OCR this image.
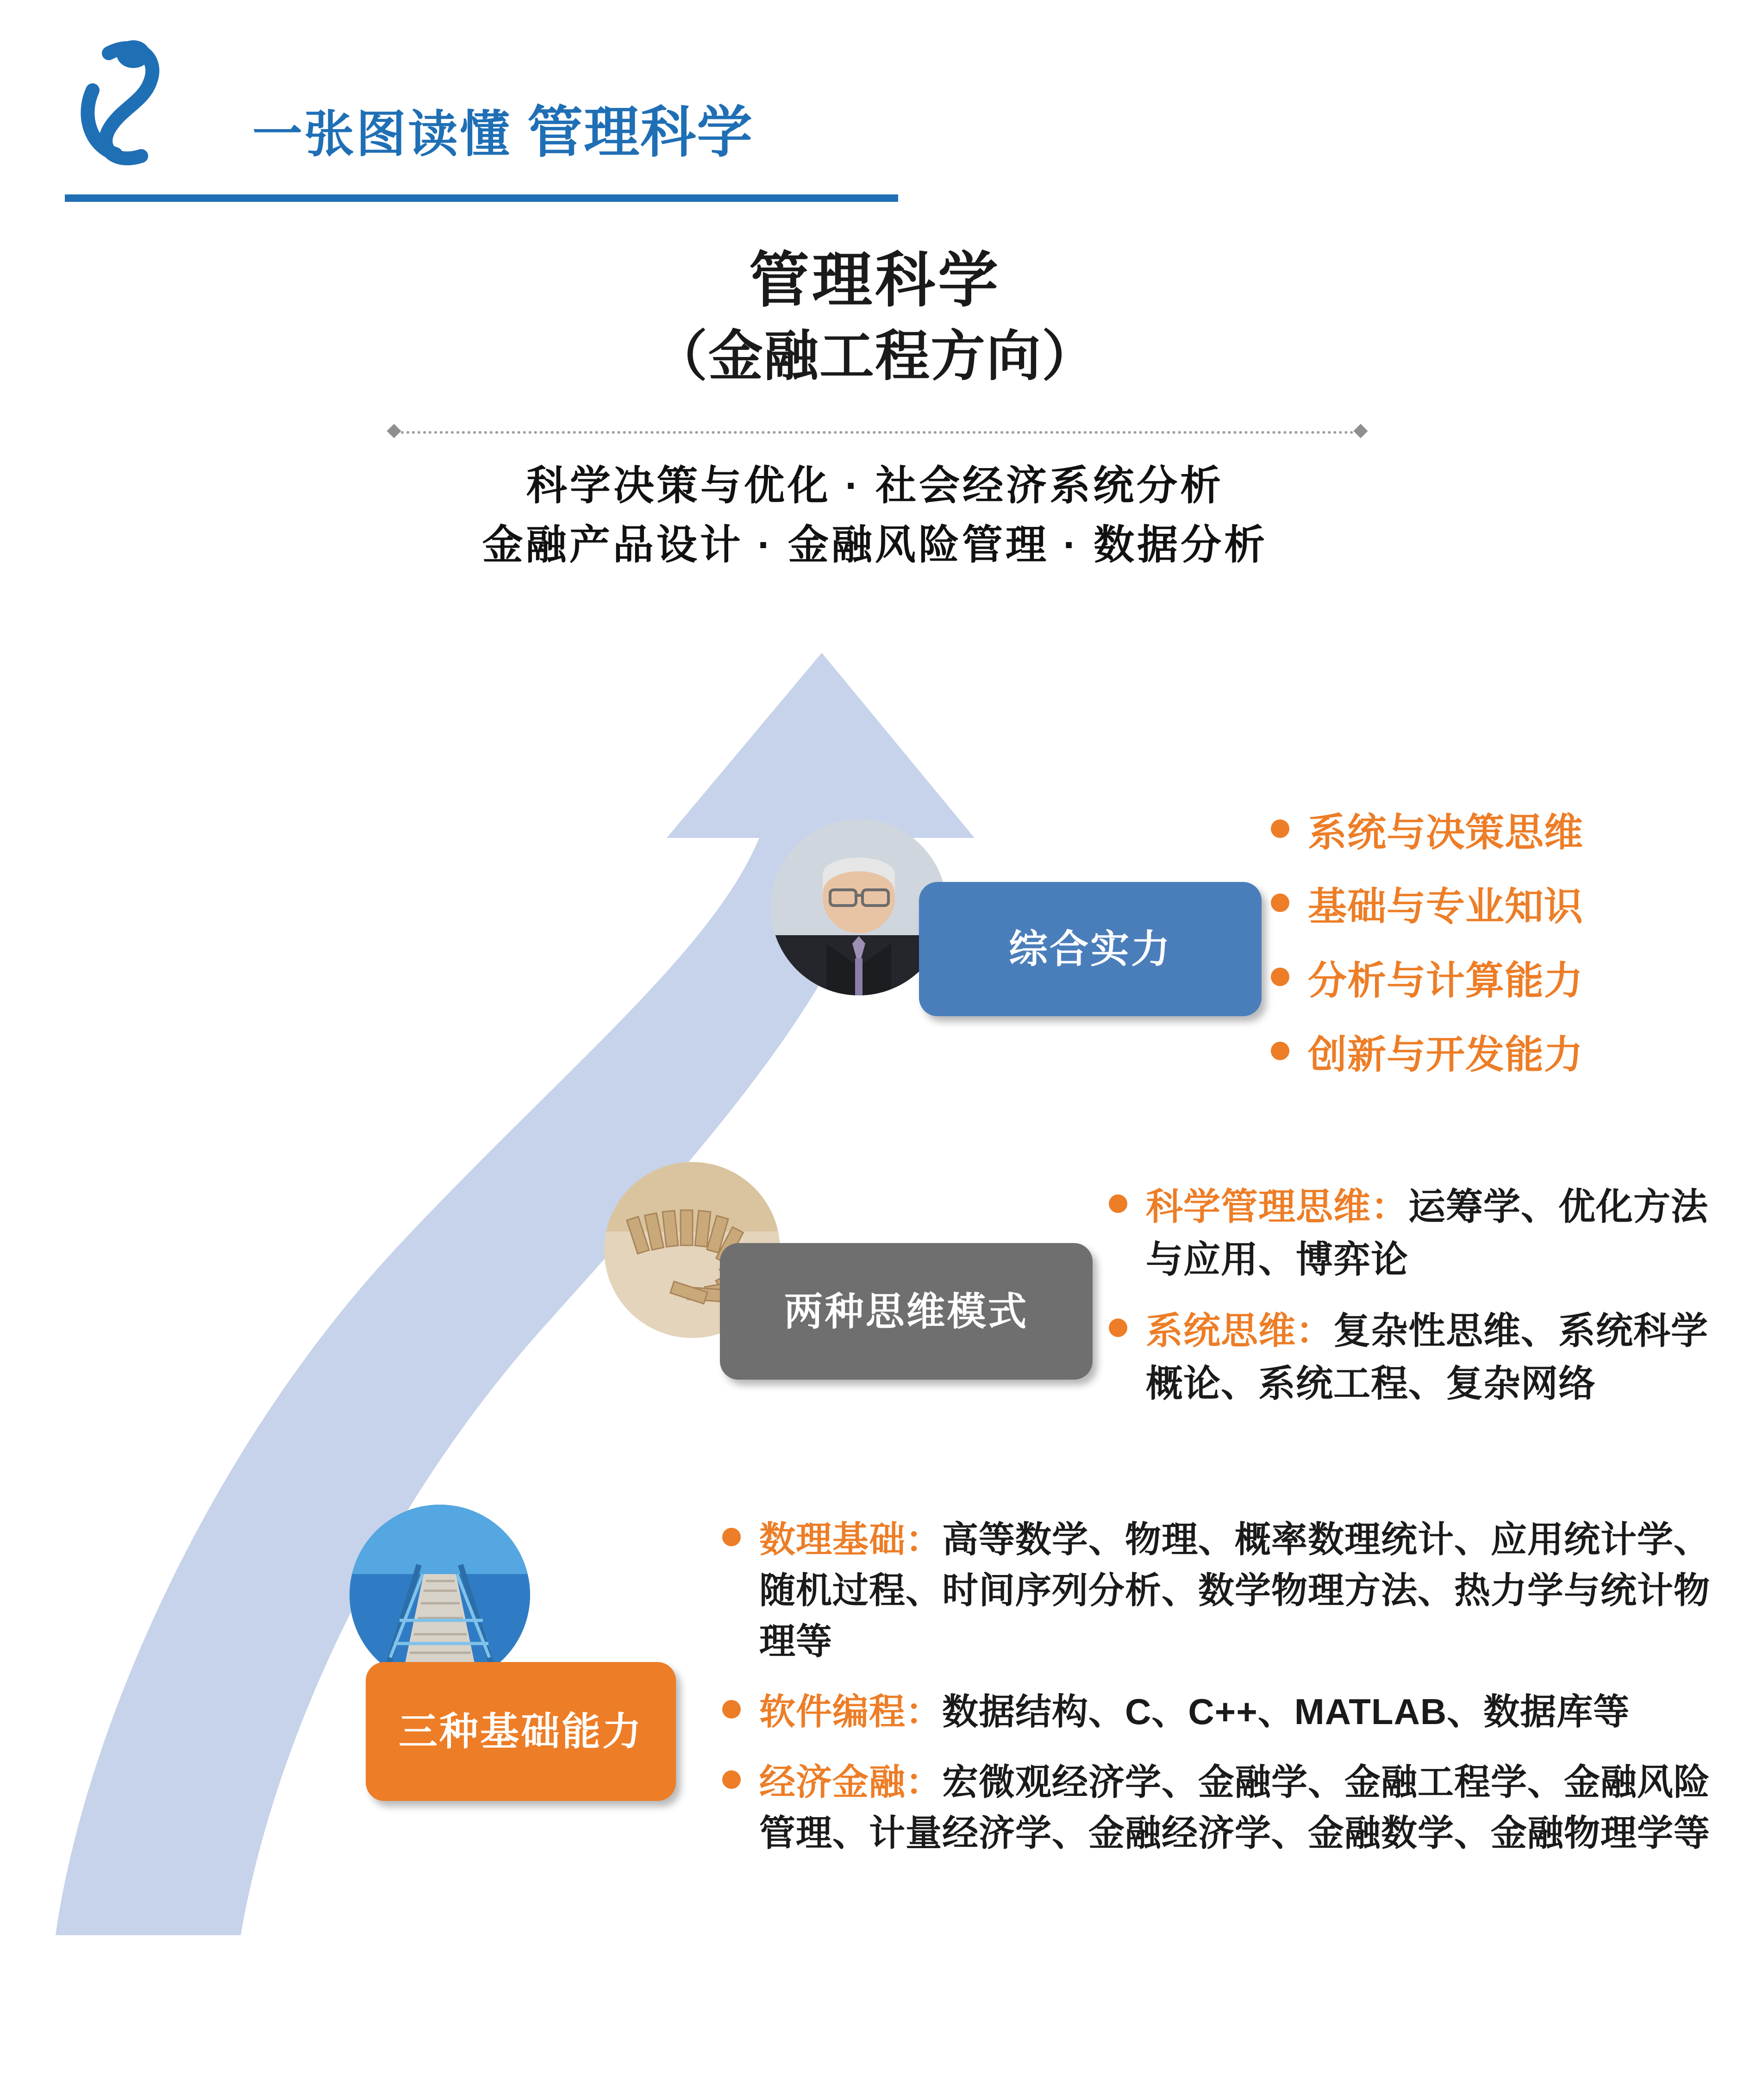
一张图读懂 管理科学
管理科学
（金融工程方向）
科学决策与优化 · 社会经济系统分析
金融产品设计 · 金融风险管理 · 数据分析
综合实力
两种思维模式
三种基础能力
系统与决策思维
基础与专业知识
分析与计算能力
创新与开发能力
科学管理思维：运筹学、优化方法与应用、博弈论
系统思维：复杂性思维、系统科学概论、系统工程、复杂网络
数理基础：高等数学、物理、概率数理统计、应用统计学、随机过程、时间序列分析、数学物理方法、热力学与统计物理等
软件编程：数据结构、C、C++、MATLAB、数据库等
经济金融：宏微观经济学、金融学、金融工程学、金融风险管理、计量经济学、金融经济学、金融数学、金融物理学等
